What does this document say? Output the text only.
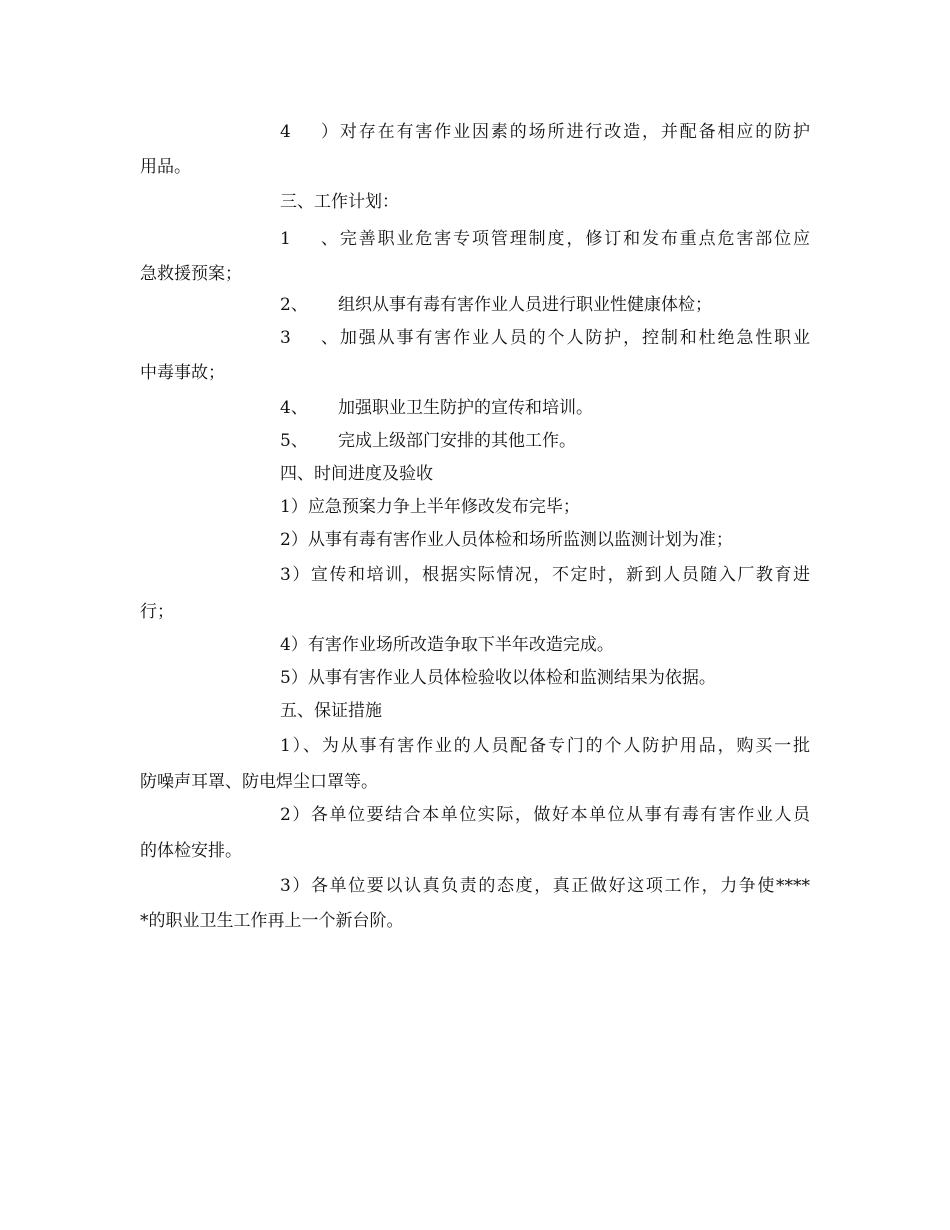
4）对存在有害作业因素的场所进行改造，并配备相应的防护
用品。
三、工作计划：
1、完善职业危害专项管理制度，修订和发布重点危害部位应
急救援预案；
2、 组织从事有毒有害作业人员进行职业性健康体检；
3、加强从事有害作业人员的个人防护，控制和杜绝急性职业
中毒事故；
4、 加强职业卫生防护的宣传和培训。
5、 完成上级部门安排的其他工作。
四、时间进度及验收
1）应急预案力争上半年修改发布完毕；
2）从事有毒有害作业人员体检和场所监测以监测计划为准；
3）宣传和培训，根据实际情况，不定时，新到人员随入厂教育进
行；
4）有害作业场所改造争取下半年改造完成。
5）从事有害作业人员体检验收以体检和监测结果为依据。
五、保证措施
1）、为从事有害作业的人员配备专门的个人防护用品，购买一批
防噪声耳罩、防电焊尘口罩等。
2）各单位要结合本单位实际，做好本单位从事有毒有害作业人员
的体检安排。
3）各单位要以认真负责的态度，真正做好这项工作，力争使****
*的职业卫生工作再上一个新台阶。
